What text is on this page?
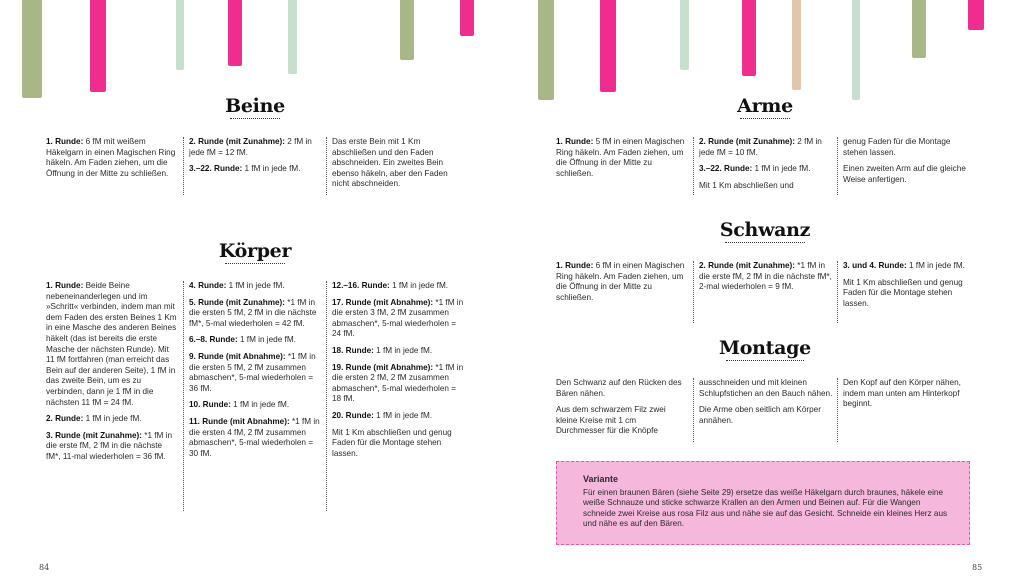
Beine

1. Runde: 6 fM mit weißem Häkelgarn in einen Magischen Ring häkeln. Am Faden ziehen, um die Öffnung in der Mitte zu schließen.

2. Runde (mit Zunahme): 2 fM in jede fM = 12 fM.

3.–22. Runde: 1 fM in jede fM.

Das erste Bein mit 1 Km abschließen und den Faden abschneiden. Ein zweites Bein ebenso häkeln, aber den Faden nicht abschneiden.

Körper

1. Runde: Beide Beine nebeneinanderlegen und im »Schritt« verbinden, indem man mit dem Faden des ersten Beines 1 Km in eine Masche des anderen Beines häkelt (das ist bereits die erste Masche der nächsten Runde). Mit 11 fM fortfahren (man erreicht das Bein auf der anderen Seite), 1 fM in das zweite Bein, um es zu verbinden, dann je 1 fM in die nächsten 11 fM = 24 fM.

2. Runde: 1 fM in jede fM.

3. Runde (mit Zunahme): *1 fM in die erste fM, 2 fM in die nächste fM*, 11-mal wiederholen = 36 fM.

4. Runde: 1 fM in jede fM.

5. Runde (mit Zunahme): *1 fM in die ersten 5 fM, 2 fM in die nächste fM*, 5-mal wiederholen = 42 fM.

6.–8. Runde: 1 fM in jede fM.

9. Runde (mit Abnahme): *1 fM in die ersten 5 fM, 2 fM zusammen abmaschen*, 5-mal wiederholen = 36 fM.

10. Runde: 1 fM in jede fM.

11. Runde (mit Abnahme): *1 fM in die ersten 4 fM, 2 fM zusammen abmaschen*, 5-mal wiederholen = 30 fM.

12.–16. Runde: 1 fM in jede fM.

17. Runde (mit Abnahme): *1 fM in die ersten 3 fM, 2 fM zusammen abmaschen*, 5-mal wiederholen = 24 fM.

18. Runde: 1 fM in jede fM.

19. Runde (mit Abnahme): *1 fM in die ersten 2 fM, 2 fM zusammen abmaschen*, 5-mal wiederholen = 18 fM.

20. Runde: 1 fM in jede fM.

Mit 1 Km abschließen und genug Faden für die Montage stehen lassen.

84
Arme

1. Runde: 5 fM in einen Magischen Ring häkeln. Am Faden ziehen, um die Öffnung in der Mitte zu schließen.

2. Runde (mit Zunahme): 2 fM in jede fM = 10 fM.

3.–22. Runde: 1 fM in jede fM.

Mit 1 Km abschließen und

genug Faden für die Montage stehen lassen.

Einen zweiten Arm auf die gleiche Weise anfertigen.

Schwanz

1. Runde: 6 fM in einen Magischen Ring häkeln. Am Faden ziehen, um die Öffnung in der Mitte zu schließen.

2. Runde (mit Zunahme): *1 fM in die erste fM, 2 fM in die nächste fM*, 2-mal wiederholen = 9 fM.

3. und 4. Runde: 1 fM in jede fM.

Mit 1 Km abschließen und genug Faden für die Montage stehen lassen.

Montage

Den Schwanz auf den Rücken des Bären nähen.

Aus dem schwarzem Filz zwei kleine Kreise mit 1 cm Durchmesser für die Knöpfe

ausschneiden und mit kleinen Schlupfstichen an den Bauch nähen.

Die Arme oben seitlich am Körper annähen.

Den Kopf auf den Körper nähen, indem man unten am Hinterkopf beginnt.

Variante
Für einen braunen Bären (siehe Seite 29) ersetze das weiße Häkelgarn durch braunes, häkele eine weiße Schnauze und sticke schwarze Krallen an den Armen und Beinen auf. Für die Wangen schneide zwei Kreise aus rosa Filz aus und nähe sie auf das Gesicht. Schneide ein kleines Herz aus und nähe es auf den Bären.
85
